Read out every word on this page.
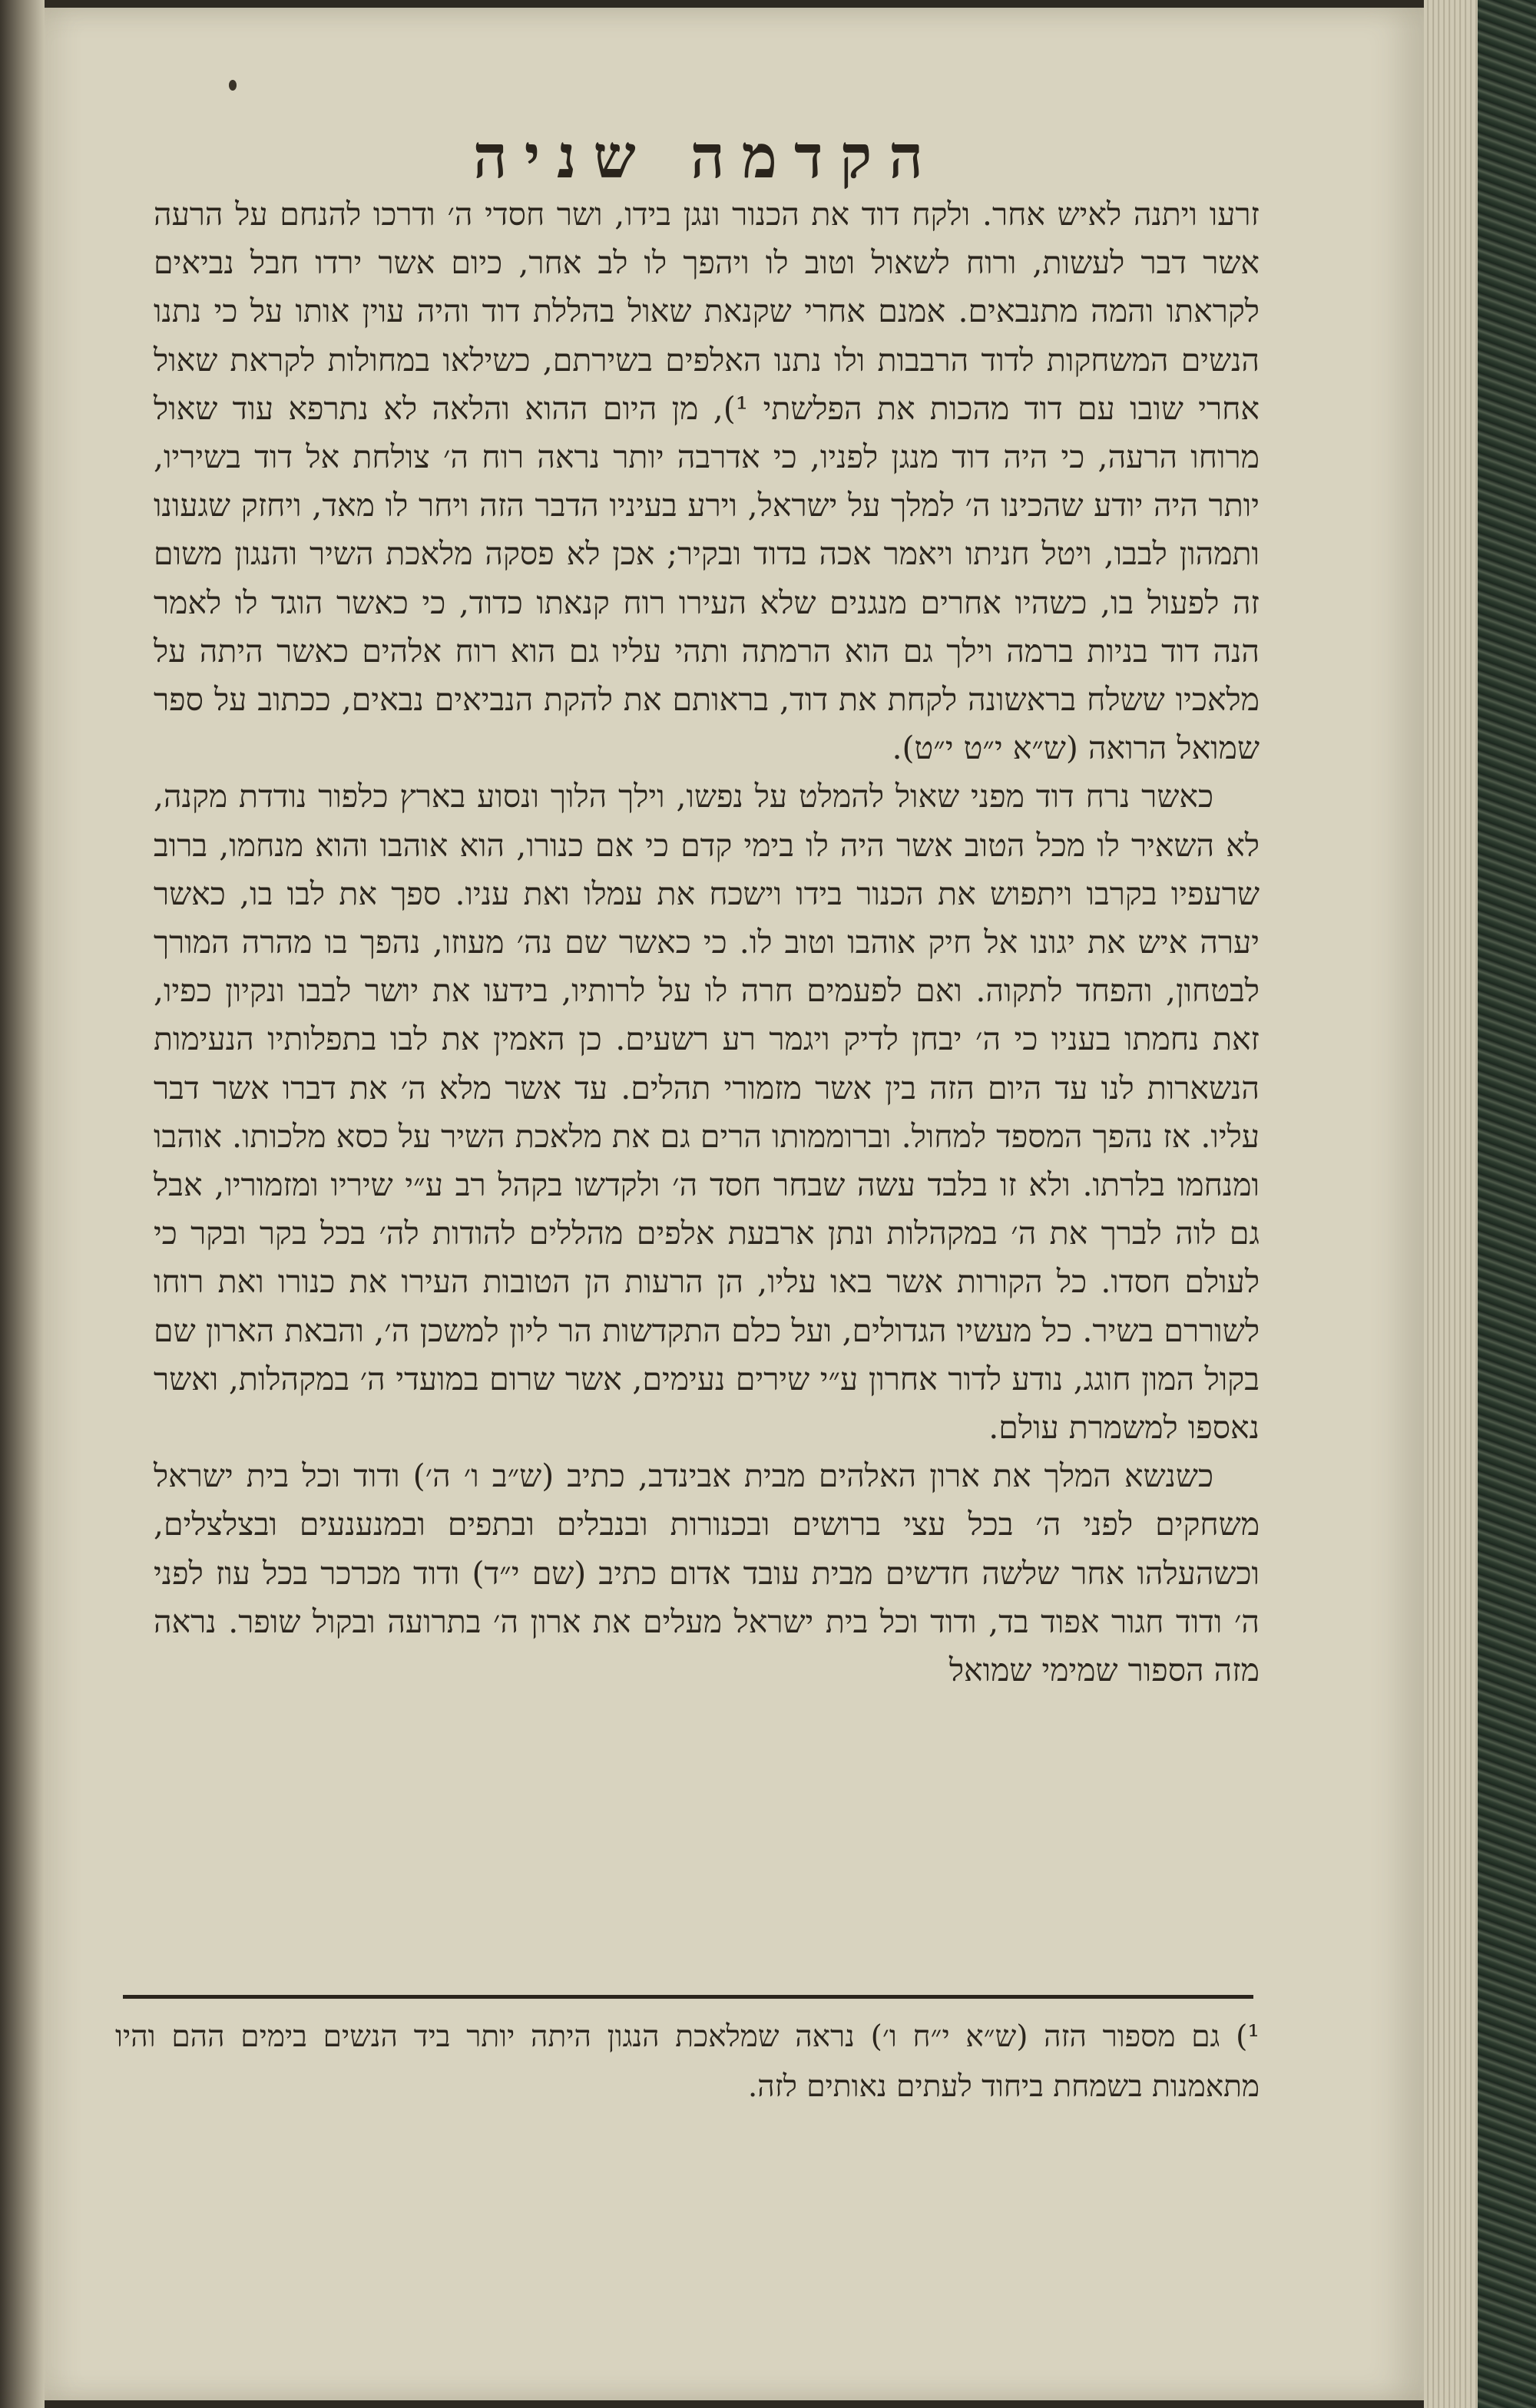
הקדמה שניה

זרעו ויתנה לאיש אחר. ולקח דוד את הכנור ונגן בידו, ושר חסדי ה׳ ודרכו להנחם על הרעה אשר דבר לעשות, ורוח לשאול וטוב לו ויהפך לו לב אחר, כיום אשר ירדו חבל נביאים לקראתו והמה מתנבאים. אמנם אחרי שקנאת שאול בהללת דוד והיה עוין אותו על כי נתנו הנשים המשחקות לדוד הרבבות ולו נתנו האלפים בשירתם, כשילאו במחולות לקראת שאול אחרי שובו עם דוד מהכות את הפלשתי ¹), מן היום ההוא והלאה לא נתרפא עוד שאול מרוחו הרעה, כי היה דוד מנגן לפניו, כי אדרבה יותר נראה רוח ה׳ צולחת אל דוד בשיריו, יותר היה יודע שהכינו ה׳ למלך על ישראל, וירע בעיניו הדבר הזה ויחר לו מאד, ויחזק שגעונו ותמהון לבבו, ויטל חניתו ויאמר אכה בדוד ובקיר; אכן לא פסקה מלאכת השיר והנגון משום זה לפעול בו, כשהיו אחרים מנגנים שלא העירו רוח קנאתו כדוד, כי כאשר הוגד לו לאמר הנה דוד בניות ברמה וילך גם הוא הרמתה ותהי עליו גם הוא רוח אלהים כאשר היתה על מלאכיו ששלח בראשונה לקחת את דוד, בראותם את להקת הנביאים נבאים, ככתוב על ספר שמואל הרואה (ש״א י״ט י״ט).

כאשר נרח דוד מפני שאול להמלט על נפשו, וילך הלוך ונסוע בארץ כלפור נודדת מקנה, לא השאיר לו מכל הטוב אשר היה לו בימי קדם כי אם כנורו, הוא אוהבו והוא מנחמו, ברוב שרעפיו בקרבו ויתפוש את הכנור בידו וישכח את עמלו ואת עניו. ספך את לבו בו, כאשר יערה איש את יגונו אל חיק אוהבו וטוב לו. כי כאשר שם נה׳ מעוזו, נהפך בו מהרה המורך לבטחון, והפחד לתקוה. ואם לפעמים חרה לו על לרותיו, בידעו את יושר לבבו ונקיון כפיו, זאת נחמתו בעניו כי ה׳ יבחן לדיק ויגמר רע רשעים. כן האמין את לבו בתפלותיו הנעימות הנשארות לנו עד היום הזה בין אשר מזמורי תהלים. עד אשר מלא ה׳ את דברו אשר דבר עליו. אז נהפך המספד למחול. וברוממותו הרים גם את מלאכת השיר על כסא מלכותו. אוהבו ומנחמו בלרתו. ולא זו בלבד עשה שבחר חסד ה׳ ולקדשו בקהל רב ע״י שיריו ומזמוריו, אבל גם לוה לברך את ה׳ במקהלות ונתן ארבעת אלפים מהללים להודות לה׳ בכל בקר ובקר כי לעולם חסדו. כל הקורות אשר באו עליו, הן הרעות הן הטובות העירו את כנורו ואת רוחו לשוררם בשיר. כל מעשיו הגדולים, ועל כלם התקדשות הר ליון למשכן ה׳, והבאת הארון שם בקול המון חוגג, נודע לדור אחרון ע״י שירים נעימים, אשר שרום במועדי ה׳ במקהלות, ואשר נאספו למשמרת עולם.

כשנשא המלך את ארון האלהים מבית אבינדב, כתיב (ש״ב ו׳ ה׳) ודוד וכל בית ישראל משחקים לפני ה׳ בכל עצי ברושים ובכנורות ובנבלים ובתפים ובמנענעים ובצלצלים, וכשהעלהו אחר שלשה חדשים מבית עובד אדום כתיב (שם י״ד) ודוד מכרכר בכל עוז לפני ה׳ ודוד חגור אפוד בד, ודוד וכל בית ישראל מעלים את ארון ה׳ בתרועה ובקול שופר. נראה מזה הספור שמימי שמואל

¹) גם מספור הזה (ש״א י״ח ו׳) נראה שמלאכת הנגון היתה יותר ביד הנשים בימים ההם והיו מתאמנות בשמחת ביחוד לעתים נאותים לזה.
